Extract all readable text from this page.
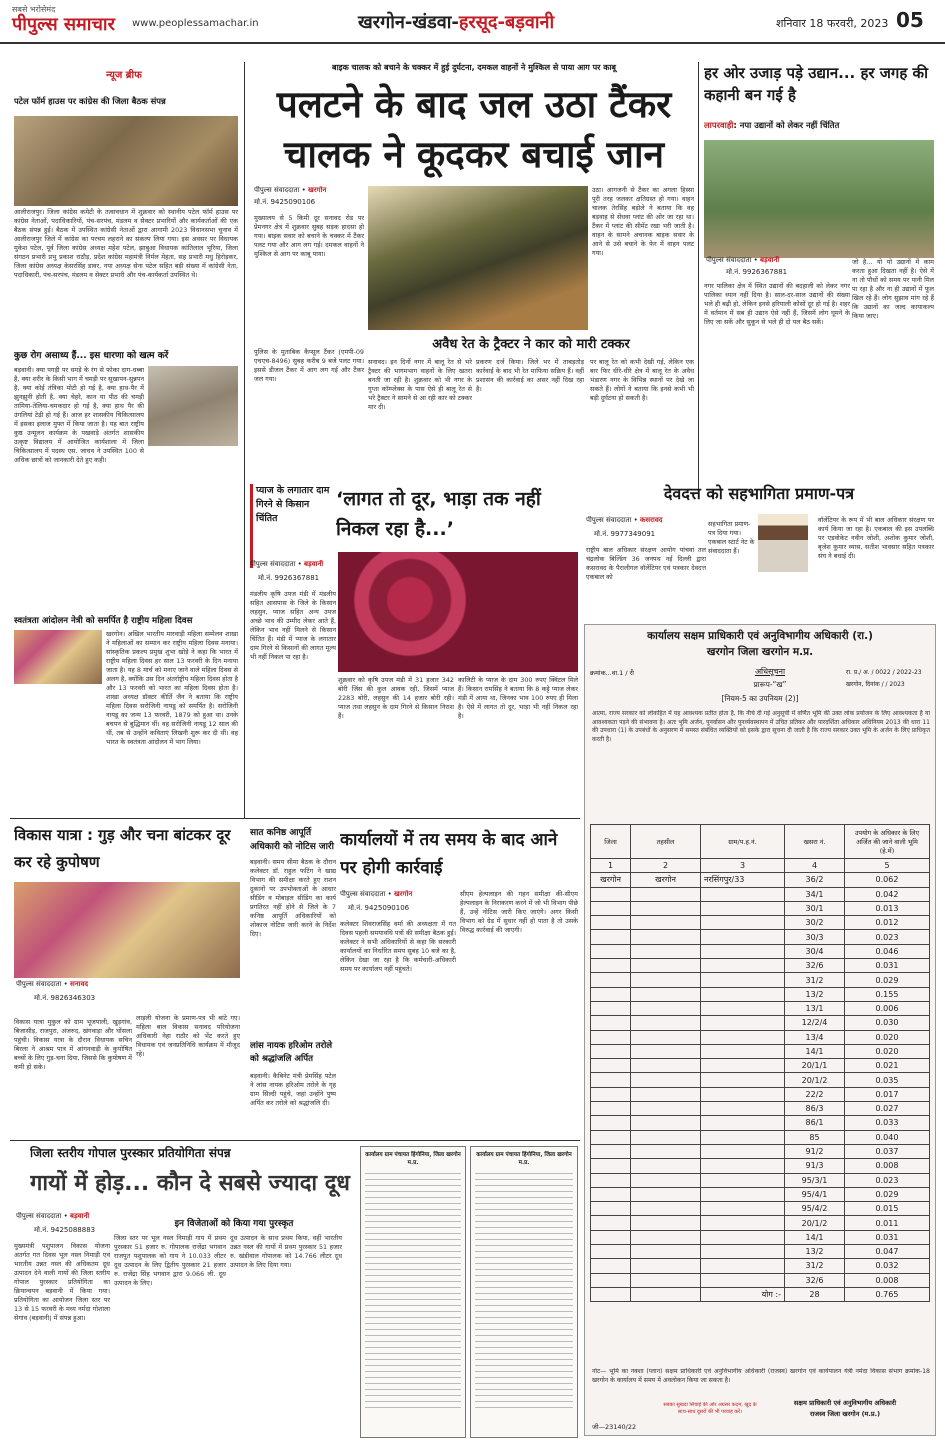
सबसे भरोसेमंद
पीपुल्स समाचार www.peoplessamachar.in	खरगोन-खंडवा-हरसूद-बड़वानी	शनिवार 18 फरवरी, 2023 05
न्यूज ब्रीफ
पटेल फॉर्म हाउस पर कांग्रेस की जिला बैठक संपन्न
आलीराजपुर। जिला कांग्रेस कमेटी के तत्वावधान में शुक्रवार को स्थानीय पटेल फॉर्म हाउस पर कांग्रेस नेताओं, पदाधिकारियों, पंच-सरपंच, मंडलम व सेक्टर प्रभारियों और कार्यकर्ताओं की एक बैठक संपन्न हुई। बैठक में उपस्थित कांग्रेसी नेताओं द्वारा आगामी 2023 विधानसभा चुनाव में आलीराजपुर जिले में कांग्रेस का परचम लहराने का संकल्प लिया गया। इस अवसर पर विधायक मुकेश पटेल, पूर्व जिला कांग्रेस अध्यक्ष महेश पटेल, झाबुआ विधायक कांतिलाल भूरिया, जिला संगठन प्रभारी प्रभु प्रकाश राठौड़, प्रदेश कांग्रेस महामंत्री निर्मल मेहता, सह प्रभारी मधु हिरोड़कर, जिला कांग्रेस अध्यक्ष केसरसिंह डावर, नपा अध्यक्ष सेना पटेल सहित बड़ी संख्या में कांग्रेसी नेता, पदाधिकारी, पंच-सरपंच, मंडलम व सेक्टर प्रभारी और पंच-कार्यकर्ता उपस्थित थे।
कुछ रोग असाध्य हैं... इस धारणा को खत्म करें
बड़वानी। क्या पगड़ी पर धमड़े के रंग से फोका दाग-धब्बा है, क्या शरीर के किसी भाग में चमड़ी पर सुखापन-सुन्नपन है, क्या कोई तंत्रिका मोटी हो गई है, क्या हाथ-पैर में झुनझुनी होती है, क्या चेहरे, कान या पीठ की चमड़ी तामिया-तेलिया-चमकदार हो गई है, क्या हाथ पैर की उंगलियां टेढ़ी हो गई हैं। आज हर शासकीय चिकित्सालय में इसका इलाज मुफ्त में किया जाता है। यह बात राष्ट्रीय कुष्ठ उन्मूलन कार्यक्रम के पखवाड़े अंतर्गत शासकीय उत्कृष्ट विद्यालय में आयोजित कार्यशाला में जिला चिकित्सालय में पदस्थ एस. जाधव ने उपस्थित 100 से अधिक छात्रों को जानकारी देते हुए कही।
स्वतंत्रता आंदोलन नेत्री को समर्पित है राष्ट्रीय महिला दिवस
खरगोन। अखिल भारतीय मारवाड़ी महिला सम्मेलन शाखा ने महिलाओं का सम्मान कर राष्ट्रीय महिला दिवस मनाया। सांस्कृतिक प्रकल्प प्रमुख शुभा खोड़े ने कहा कि भारत में राष्ट्रीय महिला दिवस हर साल 13 फरवरी के दिन मनाया जाता है। यह 8 मार्च को मनाए जाने वाले महिला दिवस से अलग है, क्योंकि उस दिन अंतर्राष्ट्रीय महिला दिवस होता है और 13 फरवरी को भारत का महिला दिवस होता है। शाखा अध्यक्ष डॉक्टर कीर्ति जैन ने बताया कि राष्ट्रीय महिला दिवस सरोजिनी नायडू को समर्पित है। सरोजिनी नायडू का जन्म 13 फरवरी, 1879 को हुआ था। उनके बचपन से बुद्धिमान थीं। वह सरोजिनी नायडू 12 साल की थीं, तब से उन्होंने कविताएं लिखनी शुरू कर दी थीं। वह भारत के स्वतंत्रता आंदोलन में भाग लिया।
बाइक चालक को बचाने के चक्कर में हुई दुर्घटना, दमकल वाहनों ने मुश्किल से पाया आग पर काबू
पलटने के बाद जल उठा टैंकर चालक ने कूदकर बचाई जान
पीपुल्स संवाददाता • खरगोन
मो.नं. 9425090106
मुख्यालय से 5 किमी दूर सनावद रोड पर प्रेमनगर क्षेत्र में शुक्रवार सुबह सड़क हादसा हो गया। बाइक सवार को बचाने के चक्कर में टैंकर पलट गया और आग लग गई। दमकल वाहनों ने मुश्किल से आग पर काबू पाया।
पुलिस के मुताबिक कैप्सूल टैंकर (एमपी-09 एचएच-8496) सुबह करीब 9 बजे पलट गया। इससे डीजल टैंकर में आग लग गई और टैंकर जल गया।
उठा। आगजनी से टैंकर का अगला हिस्सा पूरी तरह जलकर क्षतिग्रस्त हो गया। वाहन चालक तेरसिंह बड़ोले ने बताया कि वह बड़वाह से सेंधवा प्लांट की ओर जा रहा था। टैंकर में प्लांट की सीमेंट रखा भरी जाती है। वाहन के सामने अचानक बाइक सवार के आने से उसे बचाने के फेर में वाहन पलट गया।
अवैध रेत के ट्रैक्टर ने कार को मारी टक्कर
सनावद। इन दिनों नगर में बालू रेत से भरे ट्रैक्टर की भागमभाग वाहनों के लिए खतरा बनती जा रही है। शुक्रवार को भी नगर के गुप्ता कॉम्प्लेक्स के पास ऐसे ही बालू रेत से भरे ट्रैक्टर ने सामने से आ रही कार को टक्कर मार दी।
प्रकरण दर्ज किया। जिले भर में ताबड़तोड़ कार्रवाई के बाद भी रेत माफिया सक्रिय हैं। वहीं प्रशासन की कार्रवाई का असर नहीं दिख रहा है।
पर बालू रेत को कभी देखी गई, लेकिन एक बार फिर धीरे-धीरे क्षेत्र में बालू रेत के अवैध भंडारण नगर के विभिन्न स्थानों पर देखे जा सकते हैं। लोगों ने बताया कि इनसे कभी भी बड़ी दुर्घटना हो सकती है।
हर ओर उजाड़ पड़े उद्यान... हर जगह की कहानी बन गई है
लापरवाही: नपा उद्यानों को लेकर नहीं चिंतित
पीपुल्स संवाददाता • बड़वानी
मो.नं. 9926367881
नगर पालिका क्षेत्र में स्थित उद्यानों की बदहाली को लेकर नगर पालिका ध्यान नहीं दिया है। साल-दर-साल उद्यानों की संख्या भले ही बढ़ी हो, लेकिन इनसे हरियाली कोसों दूर हो गई है। शहर में वर्तमान में सब ही उद्यान ऐसे नहीं हैं, जिसमें लोग घूमने के लिए जा सकें और सुकून से भले ही दो पल बैठ सकें।
जो है... यो यो उद्यानों में काम करता हुआ दिखता नहीं है। ऐसे में ना तो पौधों को समय पर पानी मिल पा रहा है और ना ही उद्यानों में फूल खिल रहे हैं। लोग सुझाव मांग रहे हैं कि उद्यानों का जल्द कायाकल्प किया जाए।
प्याज के लगातार दाम गिरने से किसान चिंतित
‘लागत तो दूर, भाड़ा तक नहीं निकल रहा है...’
पीपुल्स संवाददाता • बड़वानी
मो.नं. 9926367881
मंडलीय कृषि उपज मंडी में मंडलीय सहित आसपास के जिले के किसान लहसुन, प्याज सहित अन्य उपज अच्छे भाव की उम्मीद लेकर आते हैं, लेकिन भाव नहीं मिलने से किसान चिंतित हैं। मंडी में प्याज के लगातार दाम गिरने से किसानों की लागत मूल्य भी नहीं निकल पा रहा है।
शुक्रवार को कृषि उपज मंडी में 31 हजार 342 बोरी जिंस की कुल आवक रही, जिसमें प्याज 2283 बोरी, लहसुन की 14 हजार बोरी रही। प्याज तथा लहसुन के दाम गिरने से किसान निराश हैं।
कालिटी के प्याज के दाम 300 रुपए क्विंटल मिले हैं। किसान रामसिंह ने बताया कि 8 कट्टे प्याज लेकर मंडी में आया था, जिनका भाव 100 रुपए ही मिला है। ऐसे में लागत तो दूर, भाड़ा भी नहीं निकल रहा है।
देवदत्त को सहभागिता प्रमाण-पत्र
पीपुल्स संवाददाता • कसरावद
मो.नं. 9977349091
राष्ट्रीय बाल अधिकार संरक्षण आयोग पांचवां तल चंद्रलोक बिल्डिंग 36 जनपथ नई दिल्ली द्वारा कसरावद के पैरालीगल वॉलेंटियर एवं पत्रकार देवदत्त एकबाल को
सहभागिता प्रमाण-पत्र दिया गया। एकबाल स्टार्ट नेट के संवाददाता हैं।
वॉलेंटियर के रूप में भी बाल अधिकार संरक्षण पर कार्य किया जा रहा है। एकबाल की इस उपलब्धि पर एडवोकेट नवीन जोशी, अशोक कुमार जोशी, बृजेश कुमार व्यास, सतीश भावसार सहित पत्रकार संघ ने बधाई दी।
कार्यालय सक्षम प्राधिकारी एवं अनुविभागीय अधिकारी (रा.)
खरगोन जिला खरगोन म.प्र.
क्रमांक...वा.1 / री	अधिसूचना
प्रारूप-“ख”
रा. प्र./ अ. / 0022 / 2022-23
[नियम-5 का उपनियम (2)]
खरगोन, दिनांक / / 2023
आत्मा, राज्य सरकार को लोकहित में यह आवश्यक प्रतीत होता है, कि नीचे दी गई अनुसूची में वर्णित भूमि की उक्त लोक प्रयोजन के लिए आवश्यकता है या आवश्यकता पड़ने की संभावना है। अतः भूमि अर्जन, पुनर्वासन और पुनर्व्यवस्थापन में उचित प्रतिकर और पारदर्शिता अधिकार अधिनियम 2013 की धारा 11 की उपधारा (1) के उपबंधों के अनुसरण में समस्त संबंधित व्यक्तियों को इसके द्वारा सूचना दी जाती है कि राज्य सरकार उक्त भूमि के अर्जन के लिए प्राधिकृत करती है।
जिला	तहसील	ग्राम/प.ह.नं.	खसरा नं.	उपयोग के अधिकार के लिए अर्जित की जाने वाली भूमि (हे.में)
1	2	3	4	5
खरगोन	खरगोन	नरसिंगपुर/33	36/2	0.062
			34/1	0.042
			30/1	0.013
			30/2	0.012
			30/3	0.023
			30/4	0.046
			32/6	0.031
			31/2	0.029
			13/2	0.155
			13/1	0.006
			12/2/4	0.030
			13/4	0.020
			14/1	0.020
			20/1/1	0.021
			20/1/2	0.035
			22/2	0.017
			86/3	0.027
			86/1	0.033
			85	0.040
			91/2	0.037
			91/3	0.008
			95/3/1	0.023
			95/4/1	0.029
			95/4/2	0.015
			20/1/2	0.011
			14/1	0.031
			13/2	0.047
			31/2	0.032
			32/6	0.008
		योग :-	28	0.765
नोट— भूमि का नक्शा (प्लान) सक्षम प्राधिकारी एवं अनुविभागीय अधिकारी (राजस्व) खरगोन एवं कार्यपालन यंत्री नर्मदा विकास संभाग क्रमांक-18 खरगोन के कार्यालय में समय में अवलोकन किया जा सकता है।
सक्षम प्राधिकारी एवं अनुविभागीय अधिकारी
राजस्व जिला खरगोन (म.प्र.)
सबका सुखदा सिंचाई की ओर अग्रसर कदम, खुद के साथ-साथ दूसरों की भी परवाह करें।
जी—23140/22
विकास यात्रा : गुड़ और चना बांटकर दूर कर रहे कुपोषण
पीपुल्स संवाददाता • सनावद
मो.नं. 9826346303
विकास यात्रा मुकुल को ग्राम भूजपाली, खुड़गांव, बिजासीड़, राजपुरा, अंजरुद, खंगवाड़ा और घोंसला पहुंची। विकास यात्रा के दौरान विधायक सचिन बिरला ने आश्रम पात्र में आंगनवाड़ी के कुपोषित बच्चों के लिए गुड़-चना दिया, जिससे कि कुपोषण में कमी हो सके।
लाड़ली योजना के प्रमाण-पत्र भी बांटे गए। महिला बाल विकास सनावद परियोजना अधिकारी नेहा राठौर को भेंट करते हुए विधायक एवं जनप्रतिनिधि कार्यक्रम में मौजूद रहे।
सात कनिष्ठ आपूर्ति अधिकारी को नोटिस जारी
बड़वानी। समय सीमा बैठक के दौरान कलेक्टर डॉ. राहुल फटिंग ने खाद्य विभाग की समीक्षा करते हुए राशन दुकानों पर उपभोक्ताओं के आधार सीडिंग व मोबाइल सीडिंग का कार्य प्रगतिरत नहीं होने से जिले के 7 कनिष्ठ आपूर्ति अधिकारियों को शोकाज नोटिस जारी करने के निर्देश दिए।
लांस नायक हरिओम तरोले को श्रद्धांजलि अर्पित
बड़वानी। कैबिनेट मंत्री प्रेमसिंह पटेल ने लांस नायक हरिओम तरोले के गृह ग्राम सिल्दी पहुंचे, जहां उन्होंने पुष्प अर्पित कर तरोले को श्रद्धांजलि दी।
कार्यालयों में तय समय के बाद आने पर होगी कार्रवाई
पीपुल्स संवाददाता • खरगोन
मो.नं. 9425090106
कलेक्टर शिवराजसिंह वर्मा की अध्यक्षता में गत दिवस पहली समयावधि पत्रों की समीक्षा बैठक हुई। कलेक्टर ने सभी अधिकारियों से कहा कि सरकारी कार्यालयों का निर्धारित समय सुबह 10 बजे का है, लेकिन देखा जा रहा है कि कर्मचारी-अधिकारी समय पर कार्यालय नहीं पहुंचते।
सीएम हेल्पलाइन की गहन समीक्षा की-सीएम हेल्पलाइन के निराकरण करने में जो भी विभाग पीछे हैं, उन्हें नोटिस जारी किए जाएंगे। अगर किसी विभाग को ग्रेड में सुधार नहीं हो पाता है तो उसके विरुद्ध कार्रवाई की जाएगी।
जिला स्तरीय गोपाल पुरस्कार प्रतियोगिता संपन्न
गायों में होड़... कौन दे सबसे ज्यादा दूध
पीपुल्स संवाददाता • बड़वानी
मो.नं. 9425088883
मुख्यमंत्री पशुपालन विकास योजना अंतर्गत गत दिवस भूल नस्ल निमाड़ी एवं भारतीय उन्नत नस्ल की अधिकतम दूध उत्पादन देने वाली गायों की जिला स्तरीय गोपाल पुरस्कार प्रतियोगिता का क्रियान्वयन बड़वानी में किया गया। प्रतियोगिता का आयोजन जिला स्तर पर 13 से 15 फरवरी के मध्य नर्मदा गोशाला सेगांव (बड़वानी) में संपन्न हुआ।
इन विजेताओं को किया गया पुरस्कृत
जिला स्तर पर भूल नस्ल निमाड़ी गाय में प्रथम पुरस्कार 51 हजार रु. गोपालक राजेंद्रा भगवान राजपुत पशुपालक को गाय ने 10.033 लीटर दूध उत्पादन के लिए द्वितीय पुरस्कार 21 हजार रु. राजेंद्रा सिंह भगवान द्वारा 9.066 ली. दूध उत्पादन के लिए।
दूध उत्पादन के साथ प्रथम किया, वहीं भारतीय उन्नत नस्ल की गायों में प्रथम पुरस्कार 51 हजार रु. खंडीवाल गोपालक को 14.766 लीटर दूध उत्पादन के लिए दिया गया।
कार्यालय ग्राम पंचायत हिंगोनिया, जिला खरगोन म.प्र.
कार्यालय ग्राम पंचायत हिंगोनिया, जिला खरगोन म.प्र.
